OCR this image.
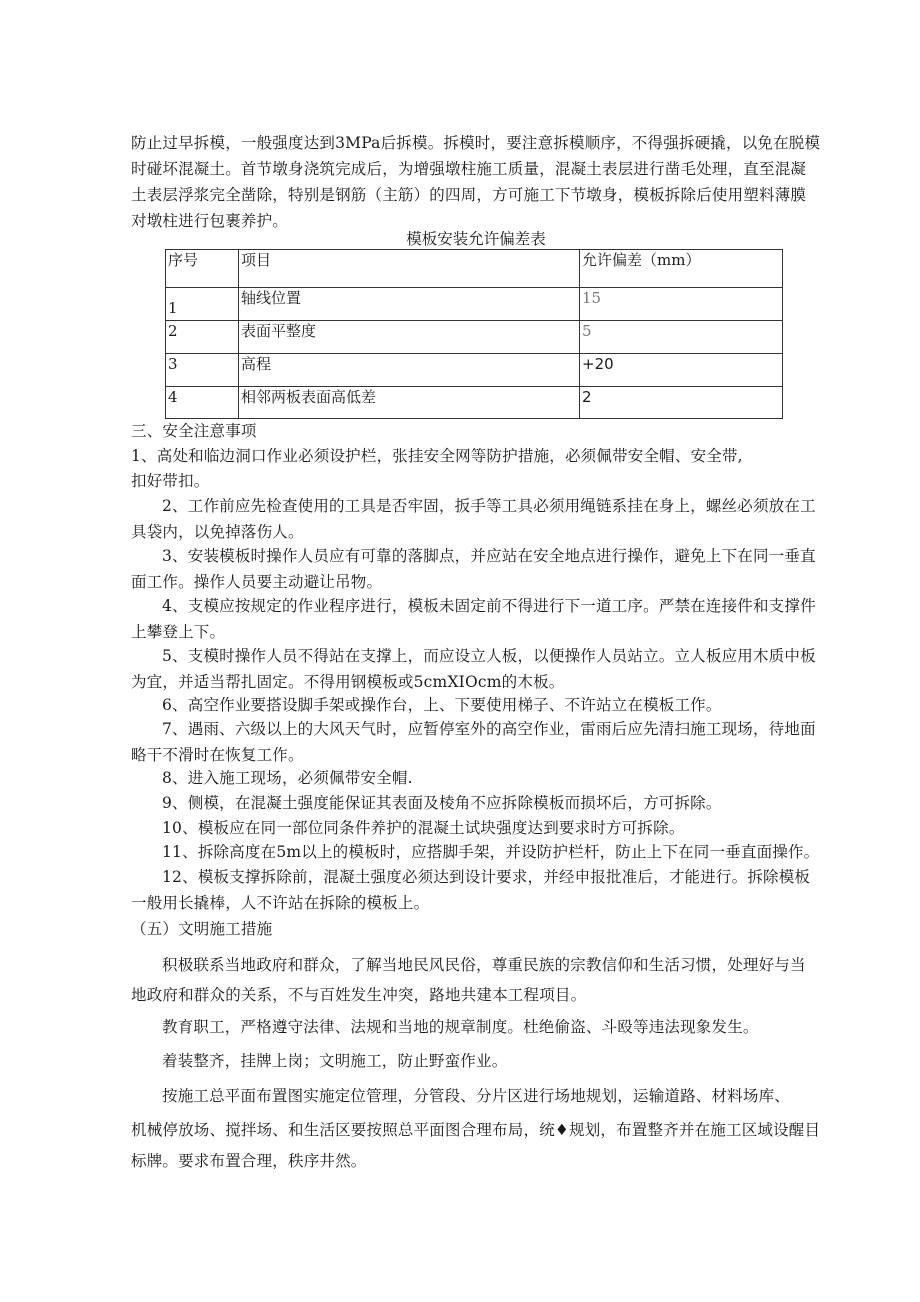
防止过早拆模，一般强度达到3MPa后拆模。拆模时，要注意拆模顺序，不得强拆硬撬，以免在脱模时碰坏混凝土。首节墩身浇筑完成后，为增强墩柱施工质量，混凝土表层进行凿毛处理，直至混凝土表层浮浆完全凿除，特别是钢筋（主筋）的四周，方可施工下节墩身，模板拆除后使用塑料薄膜对墩柱进行包裹养护。

模板安装允许偏差表

序号	项目	允许偏差（mm）
1	轴线位置	15
2	表面平整度	5
3	高程	+20
4	相邻两板表面高低差	2

三、安全注意事项

1、高处和临边洞口作业必须设护栏，张挂安全网等防护措施，必须佩带安全帽、安全带,

扣好带扣。

2、工作前应先检查使用的工具是否牢固，扳手等工具必须用绳链系挂在身上，螺丝必须放在工具袋内，以免掉落伤人。

3、安装模板时操作人员应有可靠的落脚点，并应站在安全地点进行操作，避免上下在同一垂直面工作。操作人员要主动避让吊物。

4、支模应按规定的作业程序进行，模板未固定前不得进行下一道工序。严禁在连接件和支撑件上攀登上下。

5、支模时操作人员不得站在支撑上，而应设立人板，以便操作人员站立。立人板应用木质中板为宜，并适当帮扎固定。不得用钢模板或5cmXIOcm的木板。

6、高空作业要搭设脚手架或操作台，上、下要使用梯子、不许站立在模板工作。

7、遇雨、六级以上的大风天气时，应暂停室外的高空作业，雷雨后应先清扫施工现场，待地面略干不滑时在恢复工作。

8、进入施工现场，必须佩带安全帽.

9、侧模，在混凝土强度能保证其表面及棱角不应拆除模板而损坏后，方可拆除。

10、模板应在同一部位同条件养护的混凝土试块强度达到要求时方可拆除。

11、拆除高度在5m以上的模板时，应搭脚手架，并设防护栏杆，防止上下在同一垂直面操作。

12、模板支撑拆除前，混凝土强度必须达到设计要求，并经申报批准后，才能进行。拆除模板一般用长撬棒，人不许站在拆除的模板上。

（五）文明施工措施

积极联系当地政府和群众，了解当地民风民俗，尊重民族的宗教信仰和生活习惯，处理好与当地政府和群众的关系，不与百姓发生冲突，路地共建本工程项目。

教育职工，严格遵守法律、法规和当地的规章制度。杜绝偷盗、斗殴等违法现象发生。

着装整齐，挂牌上岗；文明施工，防止野蛮作业。

按施工总平面布置图实施定位管理，分管段、分片区进行场地规划，运输道路、材料场库、

机械停放场、搅拌场、和生活区要按照总平面图合理布局，统♦规划，布置整齐并在施工区域设醒目标牌。要求布置合理，秩序井然。
